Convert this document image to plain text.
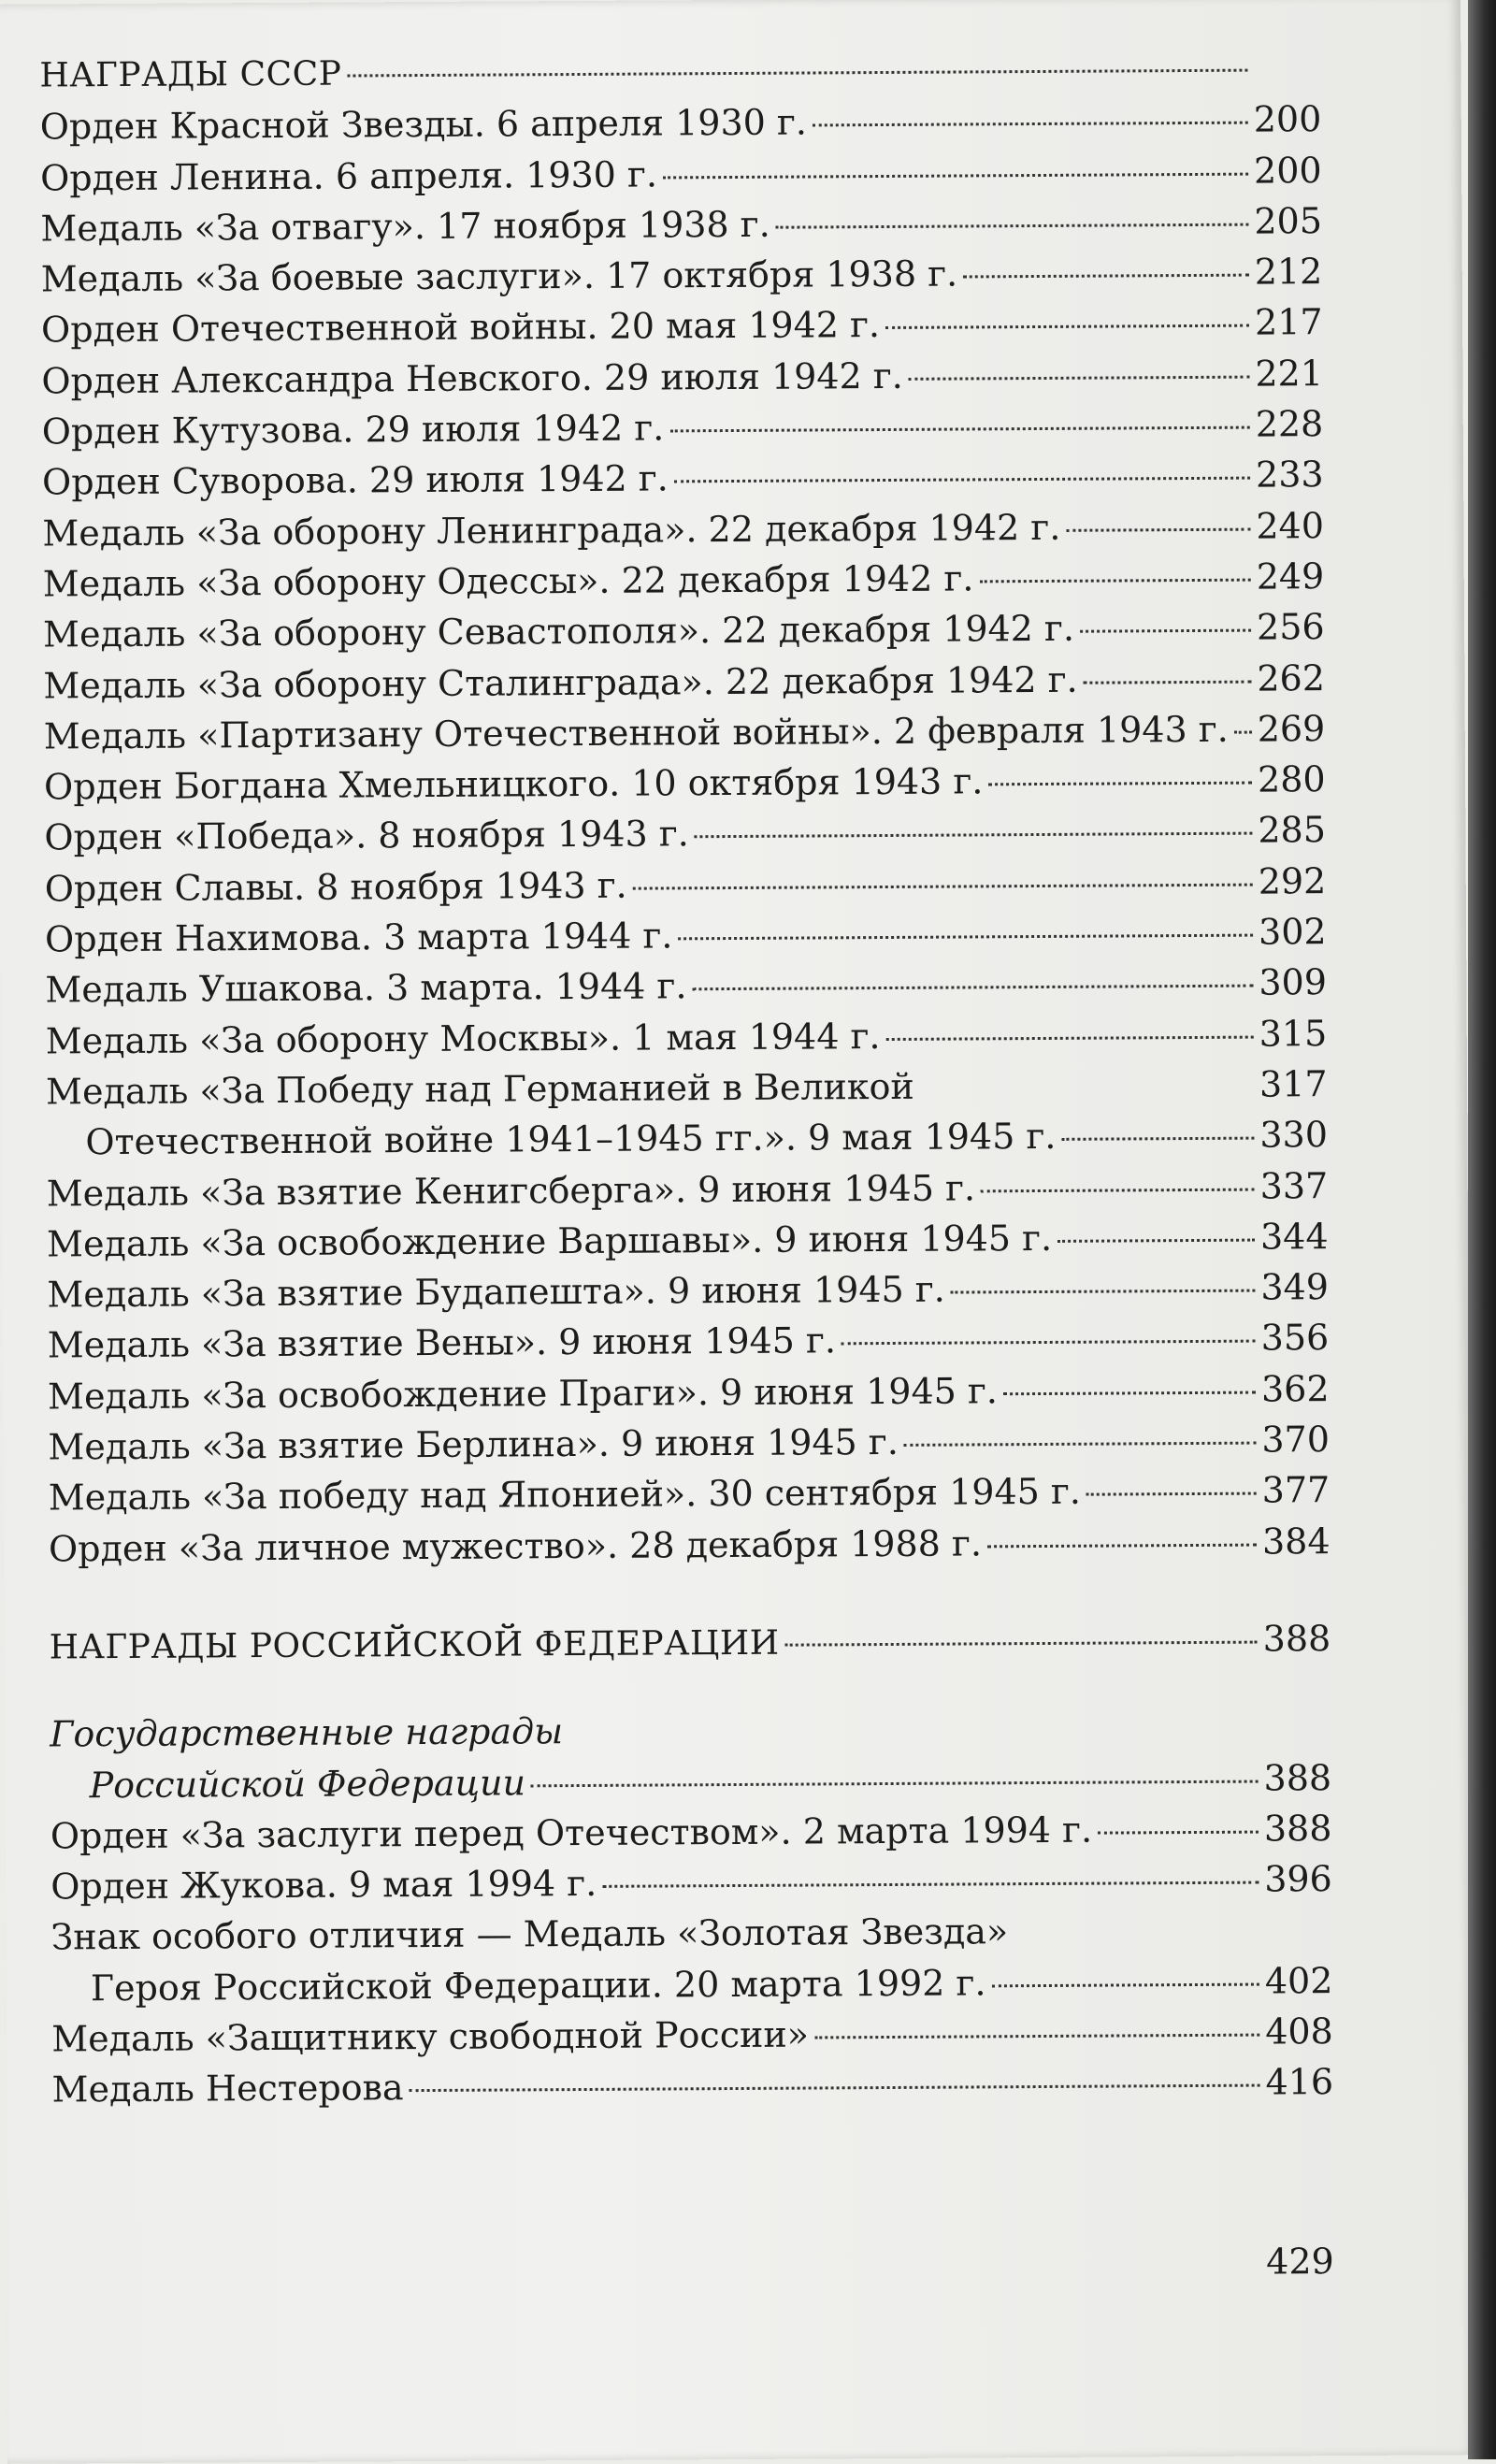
НАГРАДЫ СССР
Орден Красной Звезды. 6 апреля 1930 г.	200
Орден Ленина. 6 апреля. 1930 г.	200
Медаль «За отвагу». 17 ноября 1938 г.	205
Медаль «За боевые заслуги». 17 октября 1938 г.	212
Орден Отечественной войны. 20 мая 1942 г.	217
Орден Александра Невского. 29 июля 1942 г.	221
Орден Кутузова. 29 июля 1942 г.	228
Орден Суворова. 29 июля 1942 г.	233
Медаль «За оборону Ленинграда». 22 декабря 1942 г.	240
Медаль «За оборону Одессы». 22 декабря 1942 г.	249
Медаль «За оборону Севастополя». 22 декабря 1942 г.	256
Медаль «За оборону Сталинграда». 22 декабря 1942 г.	262
Медаль «Партизану Отечественной войны». 2 февраля 1943 г. 269
Орден Богдана Хмельницкого. 10 октября 1943 г.	280
Орден «Победа». 8 ноября 1943 г.	285
Орден Славы. 8 ноября 1943 г.	292
Орден Нахимова. 3 марта 1944 г.	302
Медаль Ушакова. 3 марта. 1944 г.	309
Медаль «За оборону Москвы». 1 мая 1944 г.	315
Медаль «За Победу над Германией в Великой	317
Отечественной войне 1941–1945 гг.». 9 мая 1945 г.	330
Медаль «За взятие Кенигсберга». 9 июня 1945 г.	337
Медаль «За освобождение Варшавы». 9 июня 1945 г.	344
Медаль «За взятие Будапешта». 9 июня 1945 г.	349
Медаль «За взятие Вены». 9 июня 1945 г.	356
Медаль «За освобождение Праги». 9 июня 1945 г.	362
Медаль «За взятие Берлина». 9 июня 1945 г.	370
Медаль «За победу над Японией». 30 сентября 1945 г.	377
Орден «За личное мужество». 28 декабря 1988 г.	384
НАГРАДЫ РОССИЙСКОЙ ФЕДЕРАЦИИ	388
Государственные награды
Российской Федерации	388
Орден «За заслуги перед Отечеством». 2 марта 1994 г.	388
Орден Жукова. 9 мая 1994 г.	396
Знак особого отличия — Медаль «Золотая Звезда»
Героя Российской Федерации. 20 марта 1992 г.	402
Медаль «Защитнику свободной России»	408
Медаль Нестерова	416
429
